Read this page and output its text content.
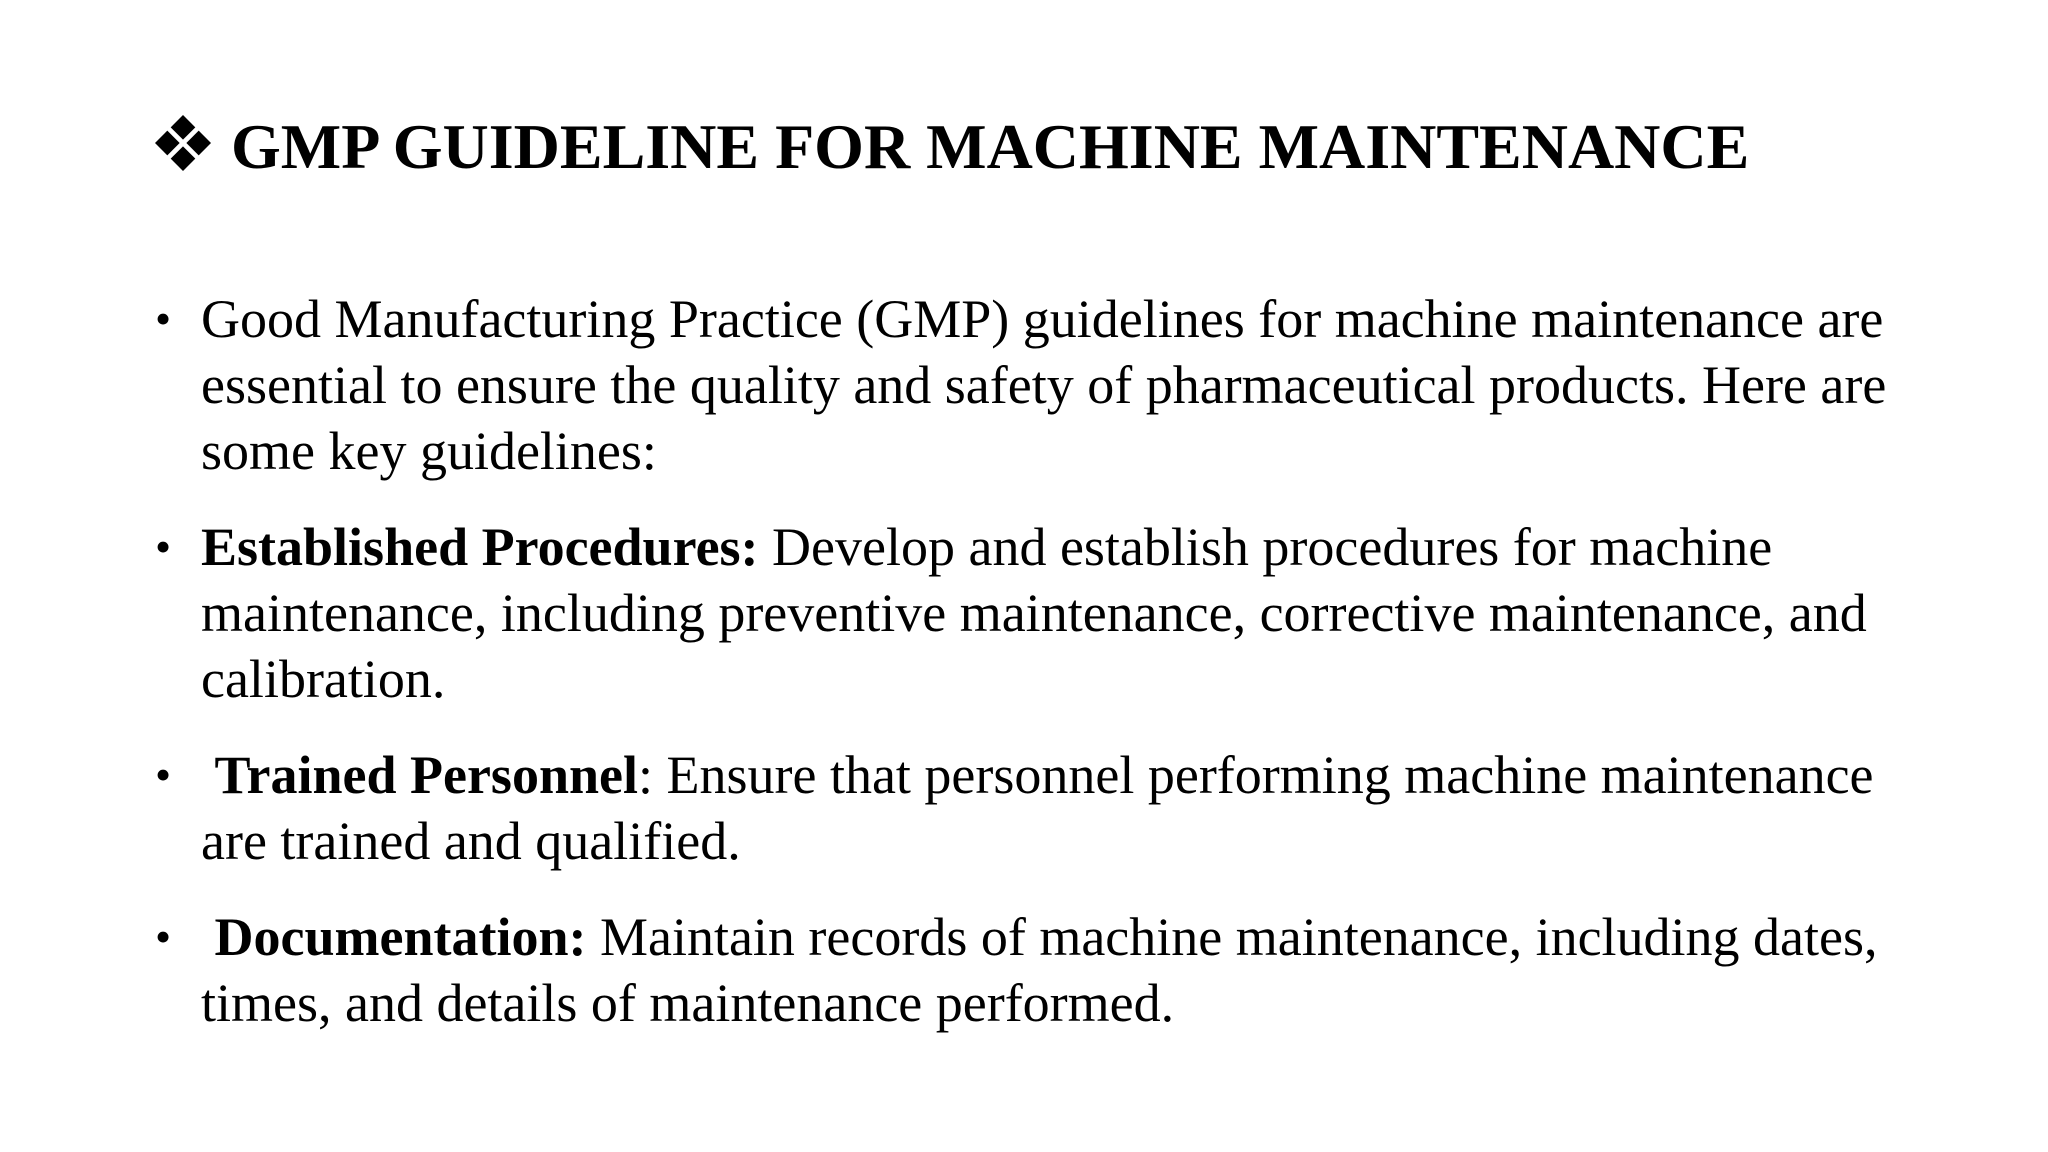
GMP GUIDELINE FOR MACHINE MAINTENANCE
• Good Manufacturing Practice (GMP) guidelines for machine maintenance are essential to ensure the quality and safety of pharmaceutical products. Here are some key guidelines:
• Established Procedures: Develop and establish procedures for machine maintenance, including preventive maintenance, corrective maintenance, and calibration.
• Trained Personnel: Ensure that personnel performing machine maintenance are trained and qualified.
• Documentation: Maintain records of machine maintenance, including dates, times, and details of maintenance performed.
